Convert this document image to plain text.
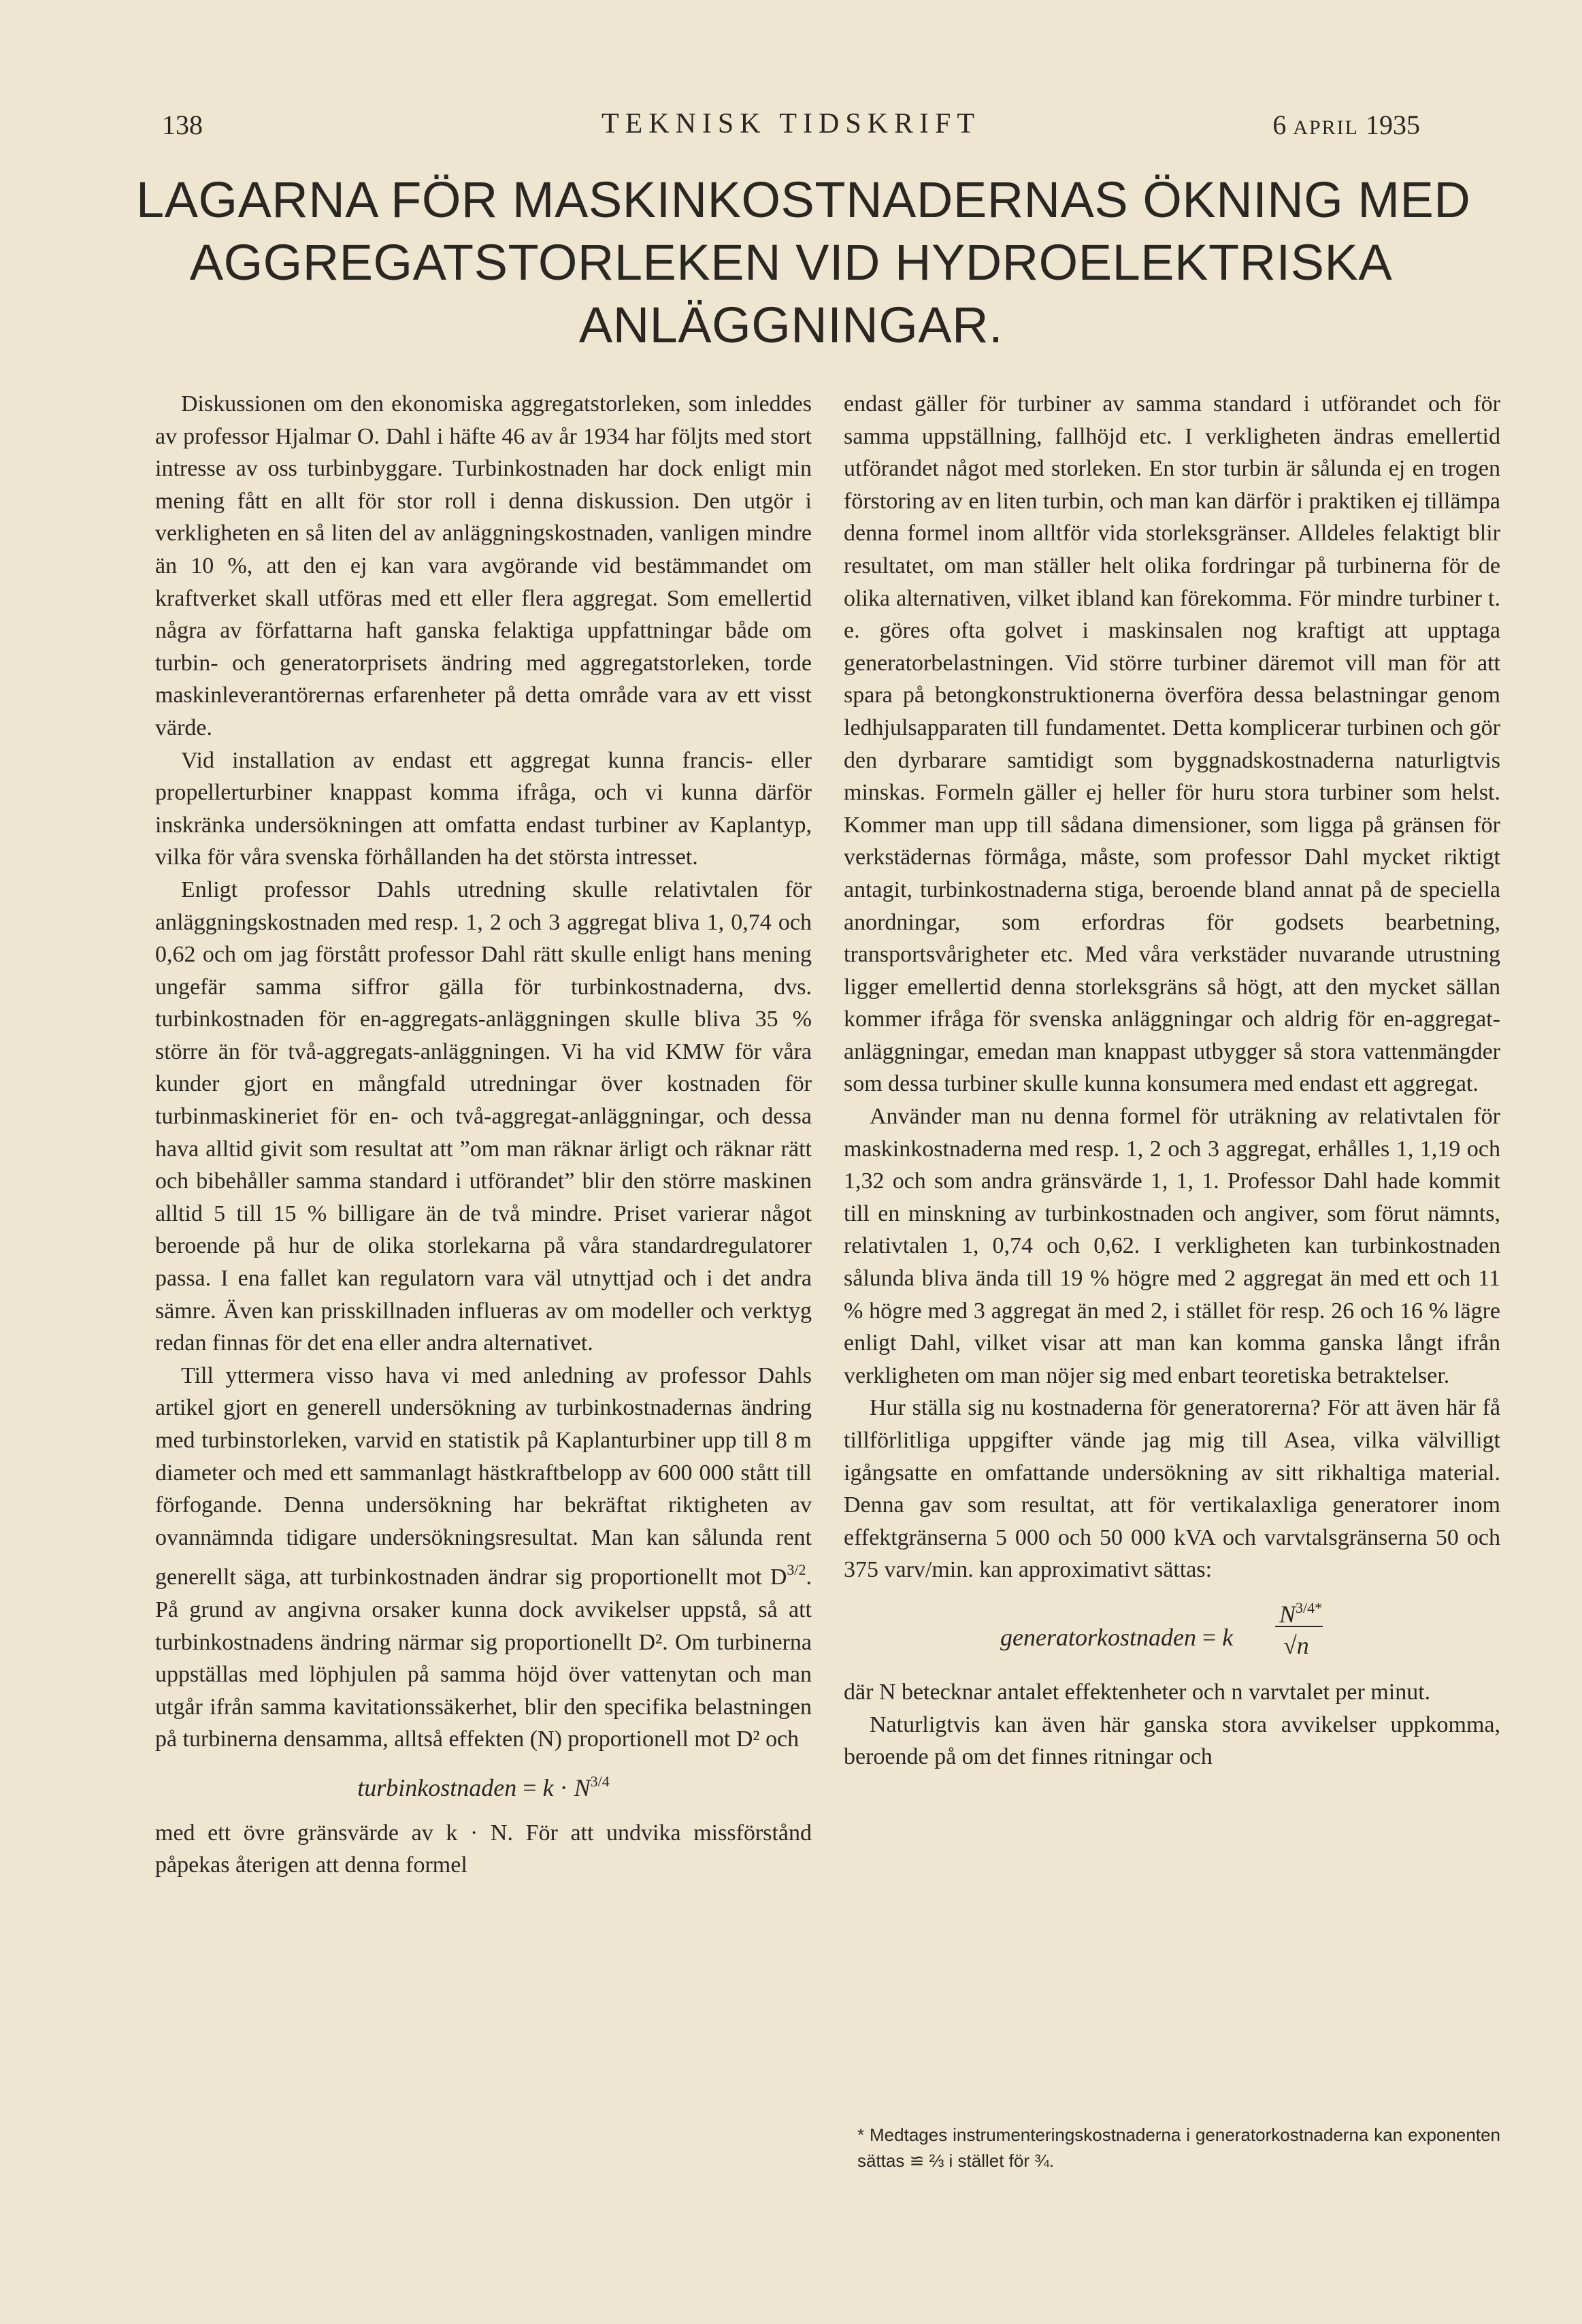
138	TEKNISK TIDSKRIFT	6 APRIL 1935
LAGARNA FÖR MASKINKOSTNADERNAS ÖKNING MED
AGGREGATSTORLEKEN VID HYDROELEKTRISKA
ANLÄGGNINGAR.

Diskussionen om den ekonomiska aggregatstorleken, som inleddes av professor Hjalmar O. Dahl i häfte 46 av år 1934 har följts med stort intresse av oss turbinbyggare. Turbinkostnaden har dock enligt min mening fått en allt för stor roll i denna diskussion. Den utgör i verkligheten en så liten del av anläggningskostnaden, vanligen mindre än 10 %, att den ej kan vara avgörande vid bestämmandet om kraftverket skall utföras med ett eller flera aggregat. Som emellertid några av författarna haft ganska felaktiga uppfattningar både om turbin- och generatorprisets ändring med aggregatstorleken, torde maskinleverantörernas erfarenheter på detta område vara av ett visst värde.

Vid installation av endast ett aggregat kunna francis- eller propellerturbiner knappast komma ifråga, och vi kunna därför inskränka undersökningen att omfatta endast turbiner av Kaplantyp, vilka för våra svenska förhållanden ha det största intresset.

Enligt professor Dahls utredning skulle relativtalen för anläggningskostnaden med resp. 1, 2 och 3 aggregat bliva 1, 0,74 och 0,62 och om jag förstått professor Dahl rätt skulle enligt hans mening ungefär samma siffror gälla för turbinkostnaderna, dvs. turbinkostnaden för en-aggregats-anläggningen skulle bliva 35 % större än för två-aggregats-anläggningen. Vi ha vid KMW för våra kunder gjort en mångfald utredningar över kostnaden för turbinmaskineriet för en- och två-aggregat-anläggningar, och dessa hava alltid givit som resultat att ”om man räknar ärligt och räknar rätt och bibehåller samma standard i utförandet” blir den större maskinen alltid 5 till 15 % billigare än de två mindre. Priset varierar något beroende på hur de olika storlekarna på våra standardregulatorer passa. I ena fallet kan regulatorn vara väl utnyttjad och i det andra sämre. Även kan prisskillnaden influeras av om modeller och verktyg redan finnas för det ena eller andra alternativet.

Till yttermera visso hava vi med anledning av professor Dahls artikel gjort en generell undersökning av turbinkostnadernas ändring med turbinstorleken, varvid en statistik på Kaplanturbiner upp till 8 m diameter och med ett sammanlagt hästkraftbelopp av 600 000 stått till förfogande. Denna undersökning har bekräftat riktigheten av ovannämnda tidigare undersökningsresultat. Man kan sålunda rent generellt säga, att turbinkostnaden ändrar sig proportionellt mot $D^{3/2}$. På grund av angivna orsaker kunna dock avvikelser uppstå, så att turbinkostnadens ändring närmar sig proportionellt D². Om turbinerna uppställas med löphjulen på samma höjd över vattenytan och man utgår ifrån samma kavitationssäkerhet, blir den specifika belastningen på turbinerna densamma, alltså effekten (N) proportionell mot D² och

turbinkostnaden = $k \cdot N^{3/4}$

med ett övre gränsvärde av k · N. För att undvika missförstånd påpekas återigen att denna formel

endast gäller för turbiner av samma standard i utförandet och för samma uppställning, fallhöjd etc. I verkligheten ändras emellertid utförandet något med storleken. En stor turbin är sålunda ej en trogen förstoring av en liten turbin, och man kan därför i praktiken ej tillämpa denna formel inom alltför vida storleksgränser. Alldeles felaktigt blir resultatet, om man ställer helt olika fordringar på turbinerna för de olika alternativen, vilket ibland kan förekomma. För mindre turbiner t. e. göres ofta golvet i maskinsalen nog kraftigt att upptaga generatorbelastningen. Vid större turbiner däremot vill man för att spara på betongkonstruktionerna överföra dessa belastningar genom ledhjulsapparaten till fundamentet. Detta komplicerar turbinen och gör den dyrbarare samtidigt som byggnadskostnaderna naturligtvis minskas. Formeln gäller ej heller för huru stora turbiner som helst. Kommer man upp till sådana dimensioner, som ligga på gränsen för verkstädernas förmåga, måste, som professor Dahl mycket riktigt antagit, turbinkostnaderna stiga, beroende bland annat på de speciella anordningar, som erfordras för godsets bearbetning, transportsvårigheter etc. Med våra verkstäder nuvarande utrustning ligger emellertid denna storleksgräns så högt, att den mycket sällan kommer ifråga för svenska anläggningar och aldrig för en-aggregat-anläggningar, emedan man knappast utbygger så stora vattenmängder som dessa turbiner skulle kunna konsumera med endast ett aggregat.

Använder man nu denna formel för uträkning av relativtalen för maskinkostnaderna med resp. 1, 2 och 3 aggregat, erhålles 1, 1,19 och 1,32 och som andra gränsvärde 1, 1, 1. Professor Dahl hade kommit till en minskning av turbinkostnaden och angiver, som förut nämnts, relativtalen 1, 0,74 och 0,62. I verkligheten kan turbinkostnaden sålunda bliva ända till 19 % högre med 2 aggregat än med ett och 11 % högre med 3 aggregat än med 2, i stället för resp. 26 och 16 % lägre enligt Dahl, vilket visar att man kan komma ganska långt ifrån verkligheten om man nöjer sig med enbart teoretiska betraktelser.

Hur ställa sig nu kostnaderna för generatorerna? För att även här få tillförlitliga uppgifter vände jag mig till Asea, vilka välvilligt igångsatte en omfattande undersökning av sitt rikhaltiga material. Denna gav som resultat, att för vertikalaxliga generatorer inom effektgränserna 5 000 och 50 000 kVA och varvtalsgränserna 50 och 375 varv/min. kan approximativt sättas:

generatorkostnaden = k
$N^{3/4*}$
√n

där N betecknar antalet effektenheter och n varvtalet per minut.

Naturligtvis kan även här ganska stora avvikelser uppkomma, beroende på om det finnes ritningar och

* Medtages instrumenteringskostnaderna i generatorkostnaderna kan exponenten sättas ≌ ⅔ i stället för ¾.
